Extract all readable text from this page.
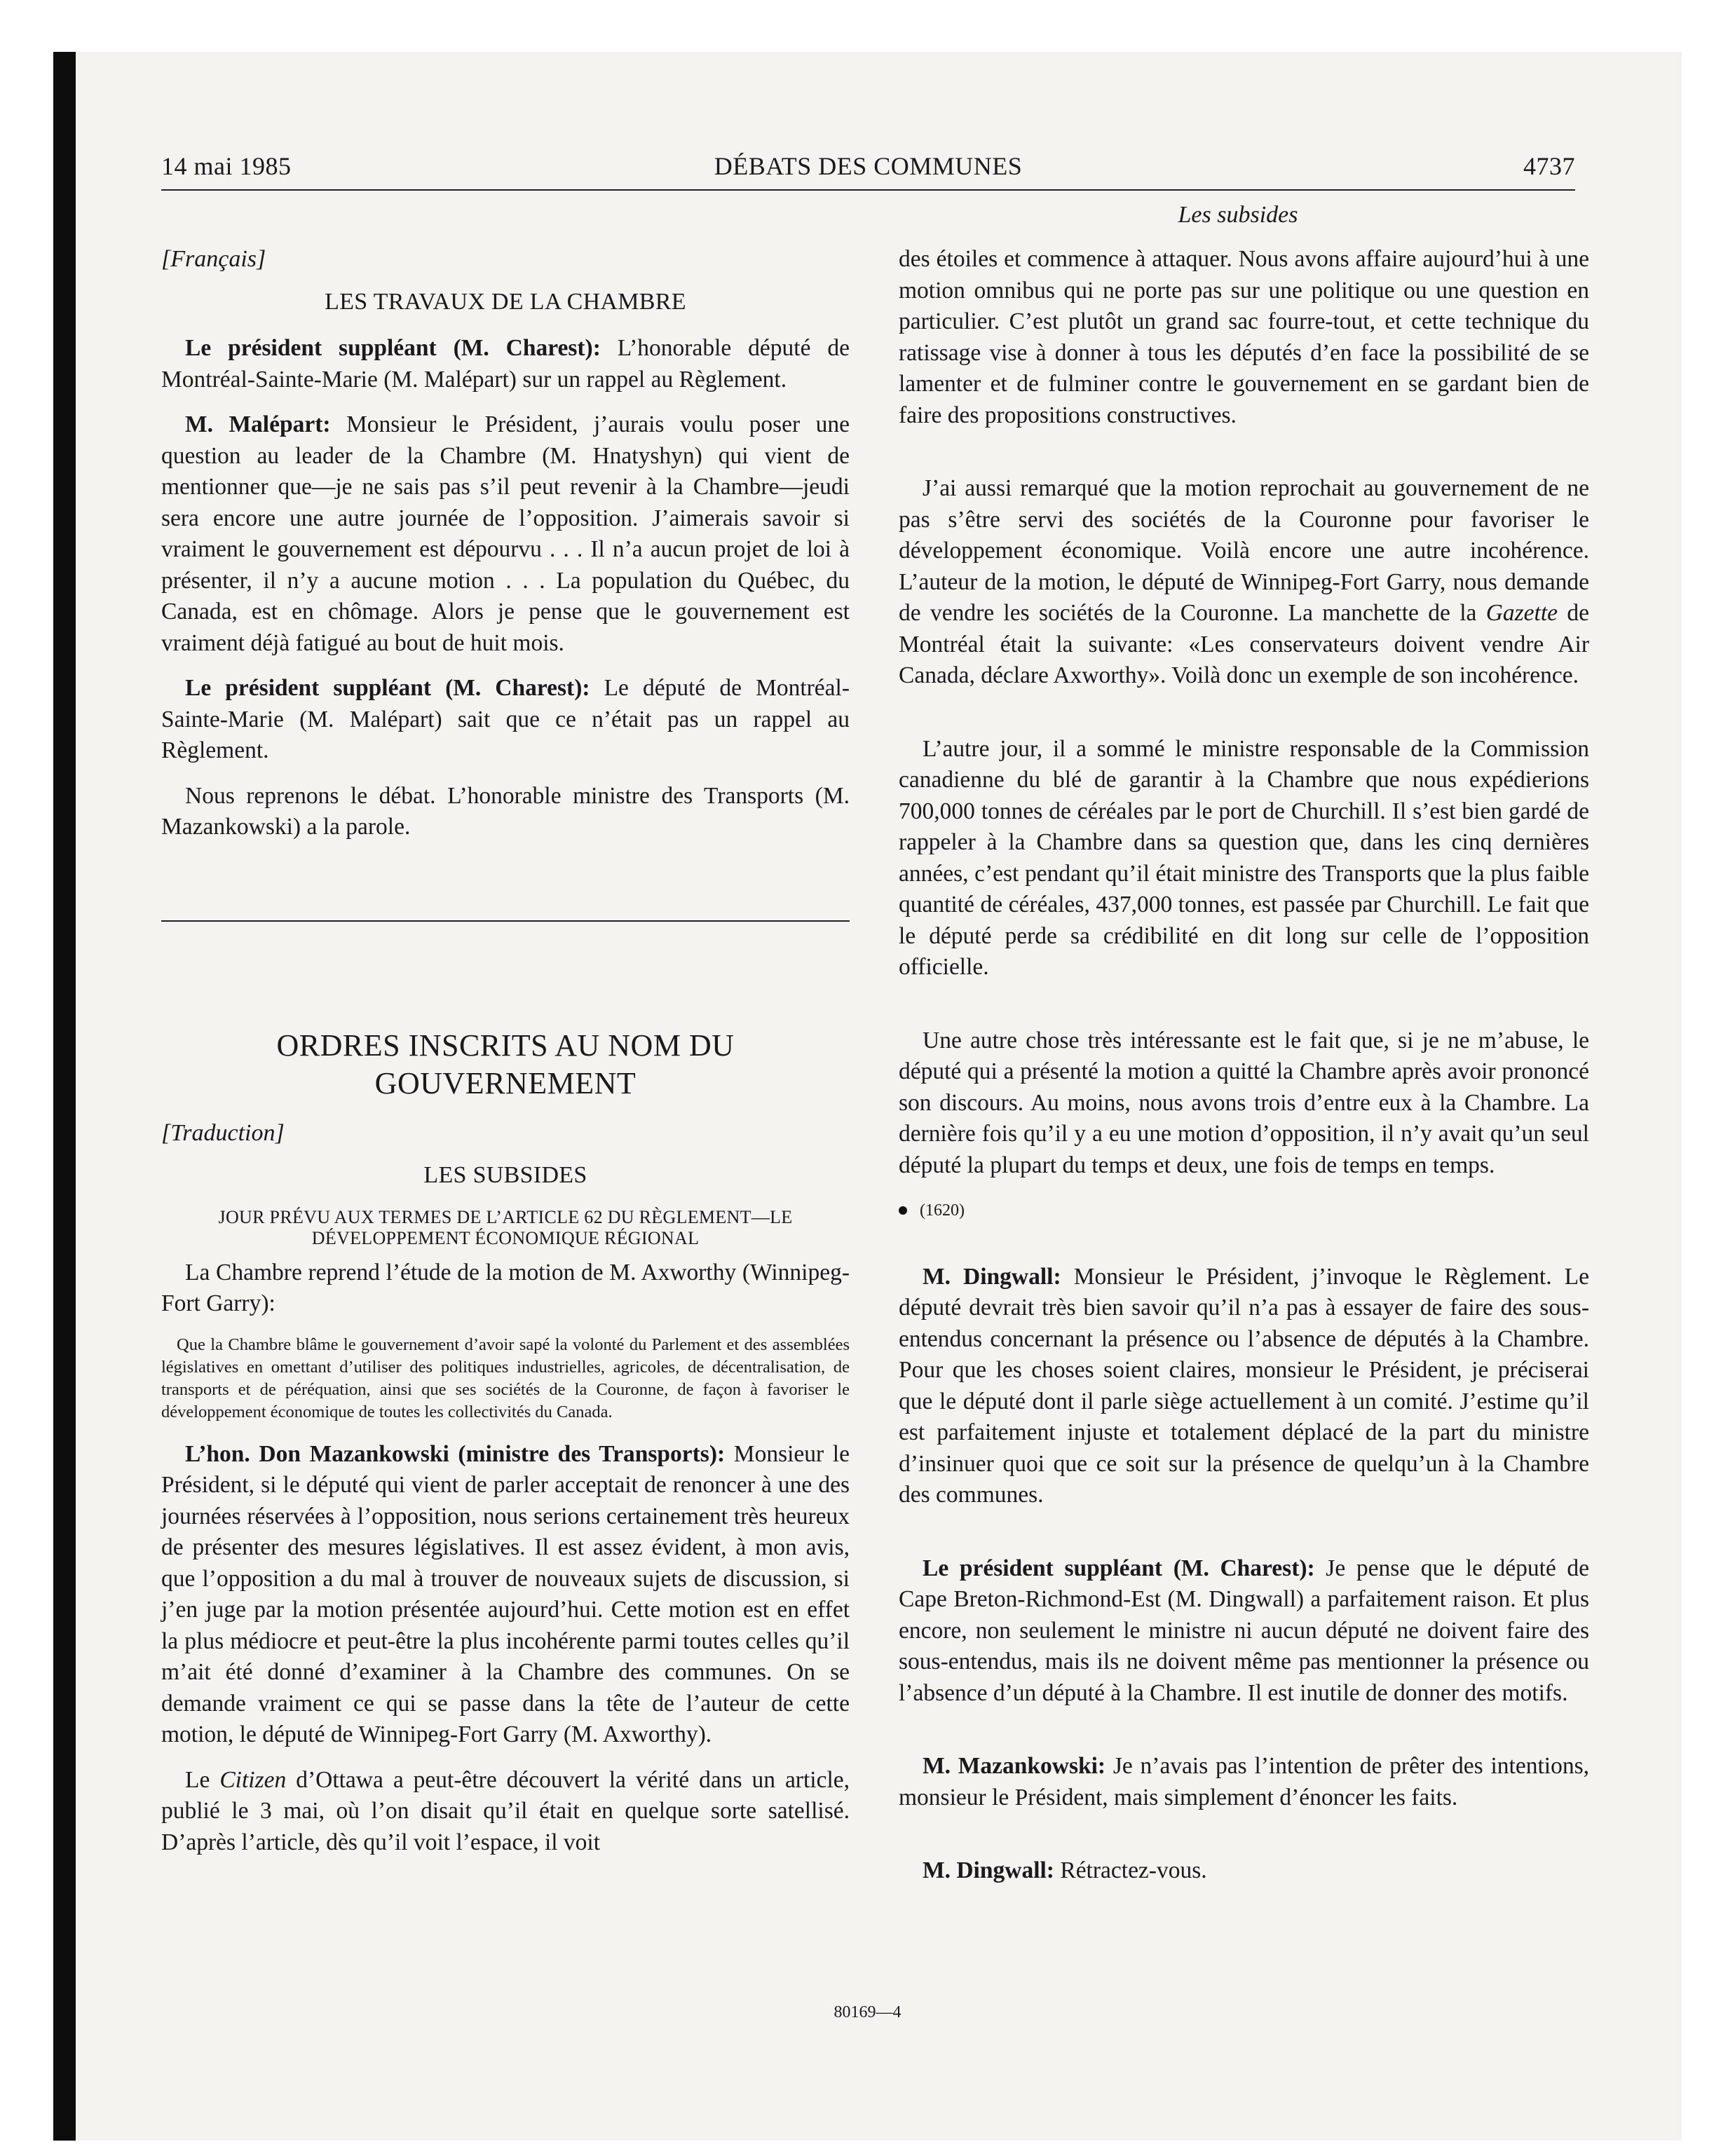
14 mai 1985	DÉBATS DES COMMUNES	4737
Les subsides
[Français]
LES TRAVAUX DE LA CHAMBRE

Le président suppléant (M. Charest): L’honorable député de Montréal-Sainte-Marie (M. Malépart) sur un rappel au Règlement.

M. Malépart: Monsieur le Président, j’aurais voulu poser une question au leader de la Chambre (M. Hnatyshyn) qui vient de mentionner que—je ne sais pas s’il peut revenir à la Chambre—jeudi sera encore une autre journée de l’opposition. J’aimerais savoir si vraiment le gouvernement est dépourvu . . . Il n’a aucun projet de loi à présenter, il n’y a aucune motion . . . La population du Québec, du Canada, est en chômage. Alors je pense que le gouvernement est vraiment déjà fatigué au bout de huit mois.

Le président suppléant (M. Charest): Le député de Montréal-Sainte-Marie (M. Malépart) sait que ce n’était pas un rappel au Règlement.

Nous reprenons le débat. L’honorable ministre des Transports (M. Mazankowski) a la parole.

ORDRES INSCRITS AU NOM DU GOUVERNEMENT
[Traduction]
LES SUBSIDES
JOUR PRÉVU AUX TERMES DE L’ARTICLE 62 DU RÈGLEMENT—LE DÉVELOPPEMENT ÉCONOMIQUE RÉGIONAL

La Chambre reprend l’étude de la motion de M. Axworthy (Winnipeg-Fort Garry):

Que la Chambre blâme le gouvernement d’avoir sapé la volonté du Parlement et des assemblées législatives en omettant d’utiliser des politiques industrielles, agricoles, de décentralisation, de transports et de péréquation, ainsi que ses sociétés de la Couronne, de façon à favoriser le développement économique de toutes les collectivités du Canada.

L’hon. Don Mazankowski (ministre des Transports): Monsieur le Président, si le député qui vient de parler acceptait de renoncer à une des journées réservées à l’opposition, nous serions certainement très heureux de présenter des mesures législatives. Il est assez évident, à mon avis, que l’opposition a du mal à trouver de nouveaux sujets de discussion, si j’en juge par la motion présentée aujourd’hui. Cette motion est en effet la plus médiocre et peut-être la plus incohérente parmi toutes celles qu’il m’ait été donné d’examiner à la Chambre des communes. On se demande vraiment ce qui se passe dans la tête de l’auteur de cette motion, le député de Winnipeg-Fort Garry (M. Axworthy).

Le Citizen d’Ottawa a peut-être découvert la vérité dans un article, publié le 3 mai, où l’on disait qu’il était en quelque sorte satellisé. D’après l’article, dès qu’il voit l’espace, il voit

des étoiles et commence à attaquer. Nous avons affaire aujourd’hui à une motion omnibus qui ne porte pas sur une politique ou une question en particulier. C’est plutôt un grand sac fourre-tout, et cette technique du ratissage vise à donner à tous les députés d’en face la possibilité de se lamenter et de fulminer contre le gouvernement en se gardant bien de faire des propositions constructives.

J’ai aussi remarqué que la motion reprochait au gouvernement de ne pas s’être servi des sociétés de la Couronne pour favoriser le développement économique. Voilà encore une autre incohérence. L’auteur de la motion, le député de Winnipeg-Fort Garry, nous demande de vendre les sociétés de la Couronne. La manchette de la Gazette de Montréal était la suivante: «Les conservateurs doivent vendre Air Canada, déclare Axworthy». Voilà donc un exemple de son incohérence.

L’autre jour, il a sommé le ministre responsable de la Commission canadienne du blé de garantir à la Chambre que nous expédierions 700,000 tonnes de céréales par le port de Churchill. Il s’est bien gardé de rappeler à la Chambre dans sa question que, dans les cinq dernières années, c’est pendant qu’il était ministre des Transports que la plus faible quantité de céréales, 437,000 tonnes, est passée par Churchill. Le fait que le député perde sa crédibilité en dit long sur celle de l’opposition officielle.

Une autre chose très intéressante est le fait que, si je ne m’abuse, le député qui a présenté la motion a quitté la Chambre après avoir prononcé son discours. Au moins, nous avons trois d’entre eux à la Chambre. La dernière fois qu’il y a eu une motion d’opposition, il n’y avait qu’un seul député la plupart du temps et deux, une fois de temps en temps.

(1620)

M. Dingwall: Monsieur le Président, j’invoque le Règlement. Le député devrait très bien savoir qu’il n’a pas à essayer de faire des sous-entendus concernant la présence ou l’absence de députés à la Chambre. Pour que les choses soient claires, monsieur le Président, je préciserai que le député dont il parle siège actuellement à un comité. J’estime qu’il est parfaitement injuste et totalement déplacé de la part du ministre d’insinuer quoi que ce soit sur la présence de quelqu’un à la Chambre des communes.

Le président suppléant (M. Charest): Je pense que le député de Cape Breton-Richmond-Est (M. Dingwall) a parfaitement raison. Et plus encore, non seulement le ministre ni aucun député ne doivent faire des sous-entendus, mais ils ne doivent même pas mentionner la présence ou l’absence d’un député à la Chambre. Il est inutile de donner des motifs.

M. Mazankowski: Je n’avais pas l’intention de prêter des intentions, monsieur le Président, mais simplement d’énoncer les faits.

M. Dingwall: Rétractez-vous.

80169—4
